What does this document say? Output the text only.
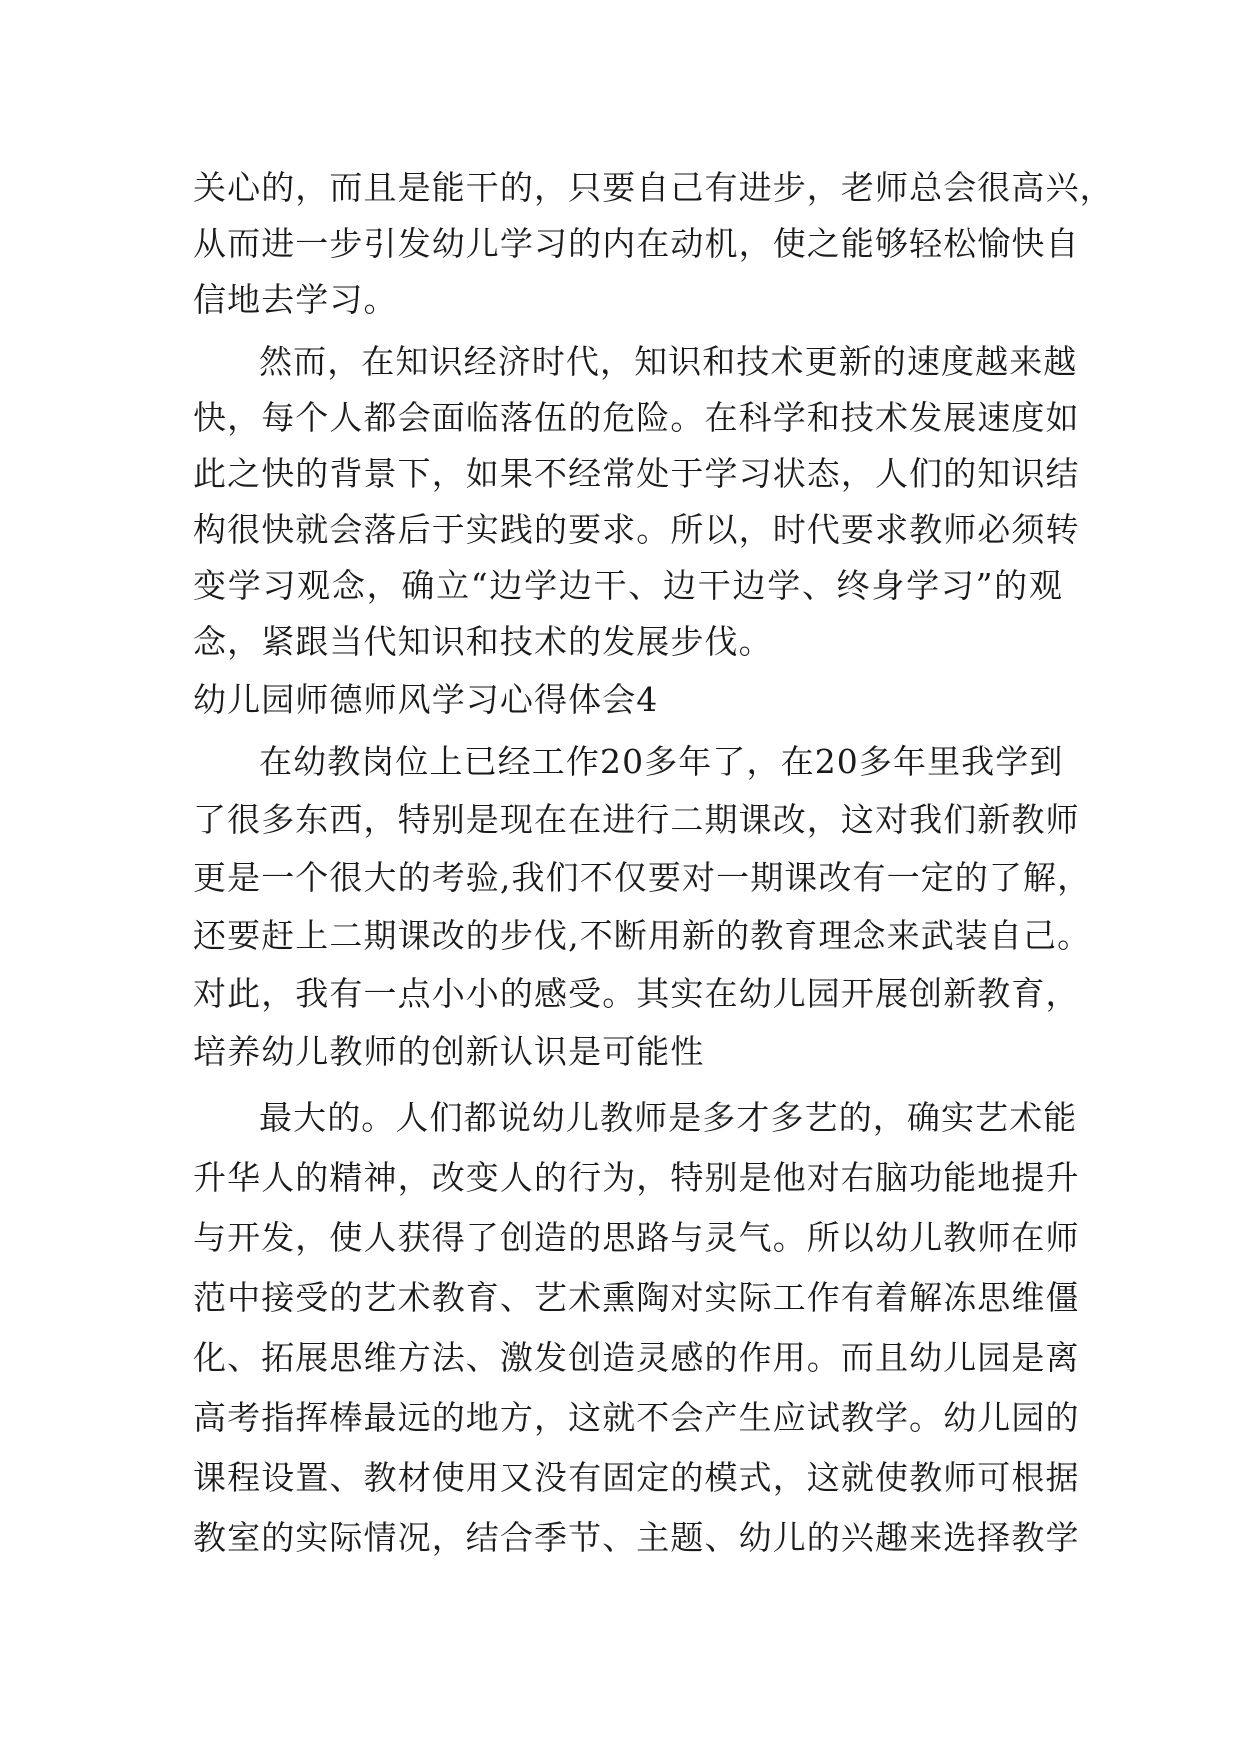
关心的，而且是能干的，只要自己有进步，老师总会很高兴，
从而进一步引发幼儿学习的内在动机，使之能够轻松愉快自
信地去学习。
然而，在知识经济时代，知识和技术更新的速度越来越
快，每个人都会面临落伍的危险。在科学和技术发展速度如
此之快的背景下，如果不经常处于学习状态，人们的知识结
构很快就会落后于实践的要求。所以，时代要求教师必须转
变学习观念，确立“边学边干、边干边学、终身学习”的观
念，紧跟当代知识和技术的发展步伐。
幼儿园师德师风学习心得体会4
在幼教岗位上已经工作20多年了，在20多年里我学到
了很多东西，特别是现在在进行二期课改，这对我们新教师
更是一个很大的考验,我们不仅要对一期课改有一定的了解，
还要赶上二期课改的步伐,不断用新的教育理念来武装自己。
对此，我有一点小小的感受。其实在幼儿园开展创新教育，
培养幼儿教师的创新认识是可能性
最大的。人们都说幼儿教师是多才多艺的，确实艺术能
升华人的精神，改变人的行为，特别是他对右脑功能地提升
与开发，使人获得了创造的思路与灵气。所以幼儿教师在师
范中接受的艺术教育、艺术熏陶对实际工作有着解冻思维僵
化、拓展思维方法、激发创造灵感的作用。而且幼儿园是离
高考指挥棒最远的地方，这就不会产生应试教学。幼儿园的
课程设置、教材使用又没有固定的模式，这就使教师可根据
教室的实际情况，结合季节、主题、幼儿的兴趣来选择教学
